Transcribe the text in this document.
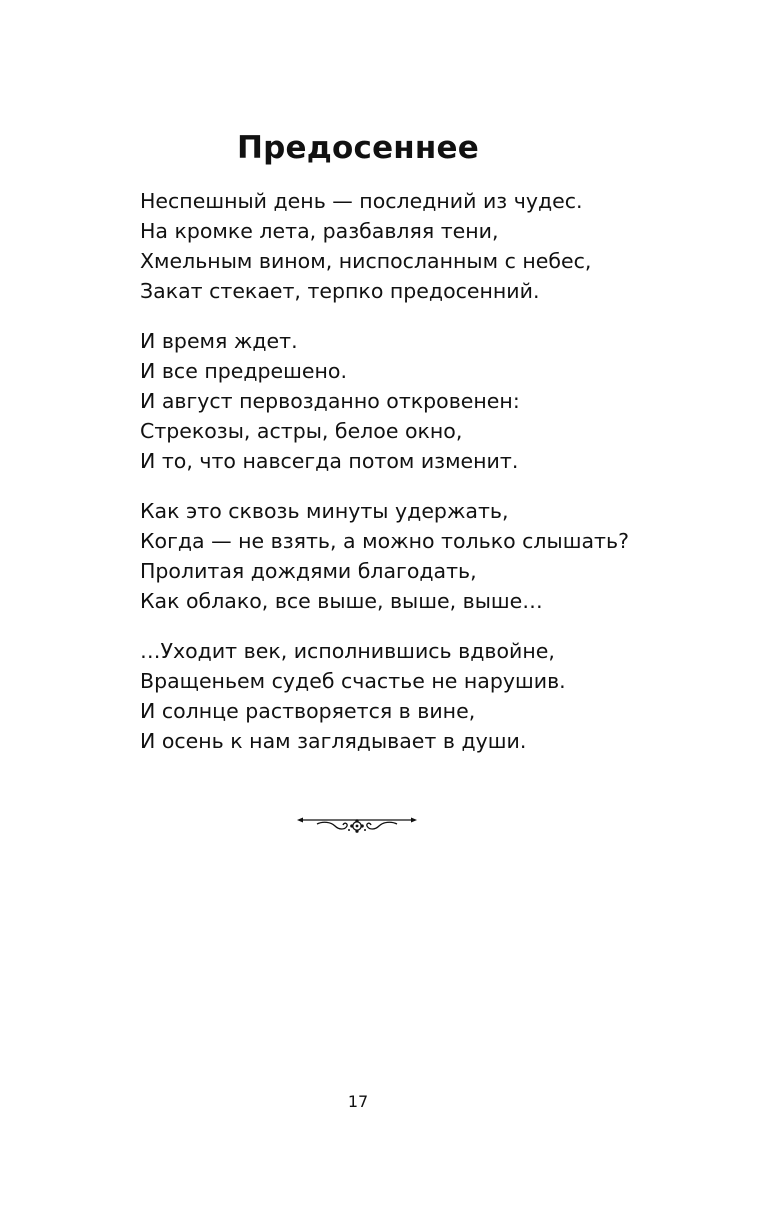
Предосеннее
Неспешный день — последний из чудес.
На кромке лета, разбавляя тени,
Хмельным вином, ниспосланным с небес,
Закат стекает, терпко предосенний.
И время ждет.
И все предрешено.
И август первозданно откровенен:
Стрекозы, астры, белое окно,
И то, что навсегда потом изменит.
Как это сквозь минуты удержать,
Когда — не взять, а можно только слышать?
Пролитая дождями благодать,
Как облако, все выше, выше, выше…
…Уходит век, исполнившись вдвойне,
Вращеньем судеб счастье не нарушив.
И солнце растворяется в вине,
И осень к нам заглядывает в души.
17
